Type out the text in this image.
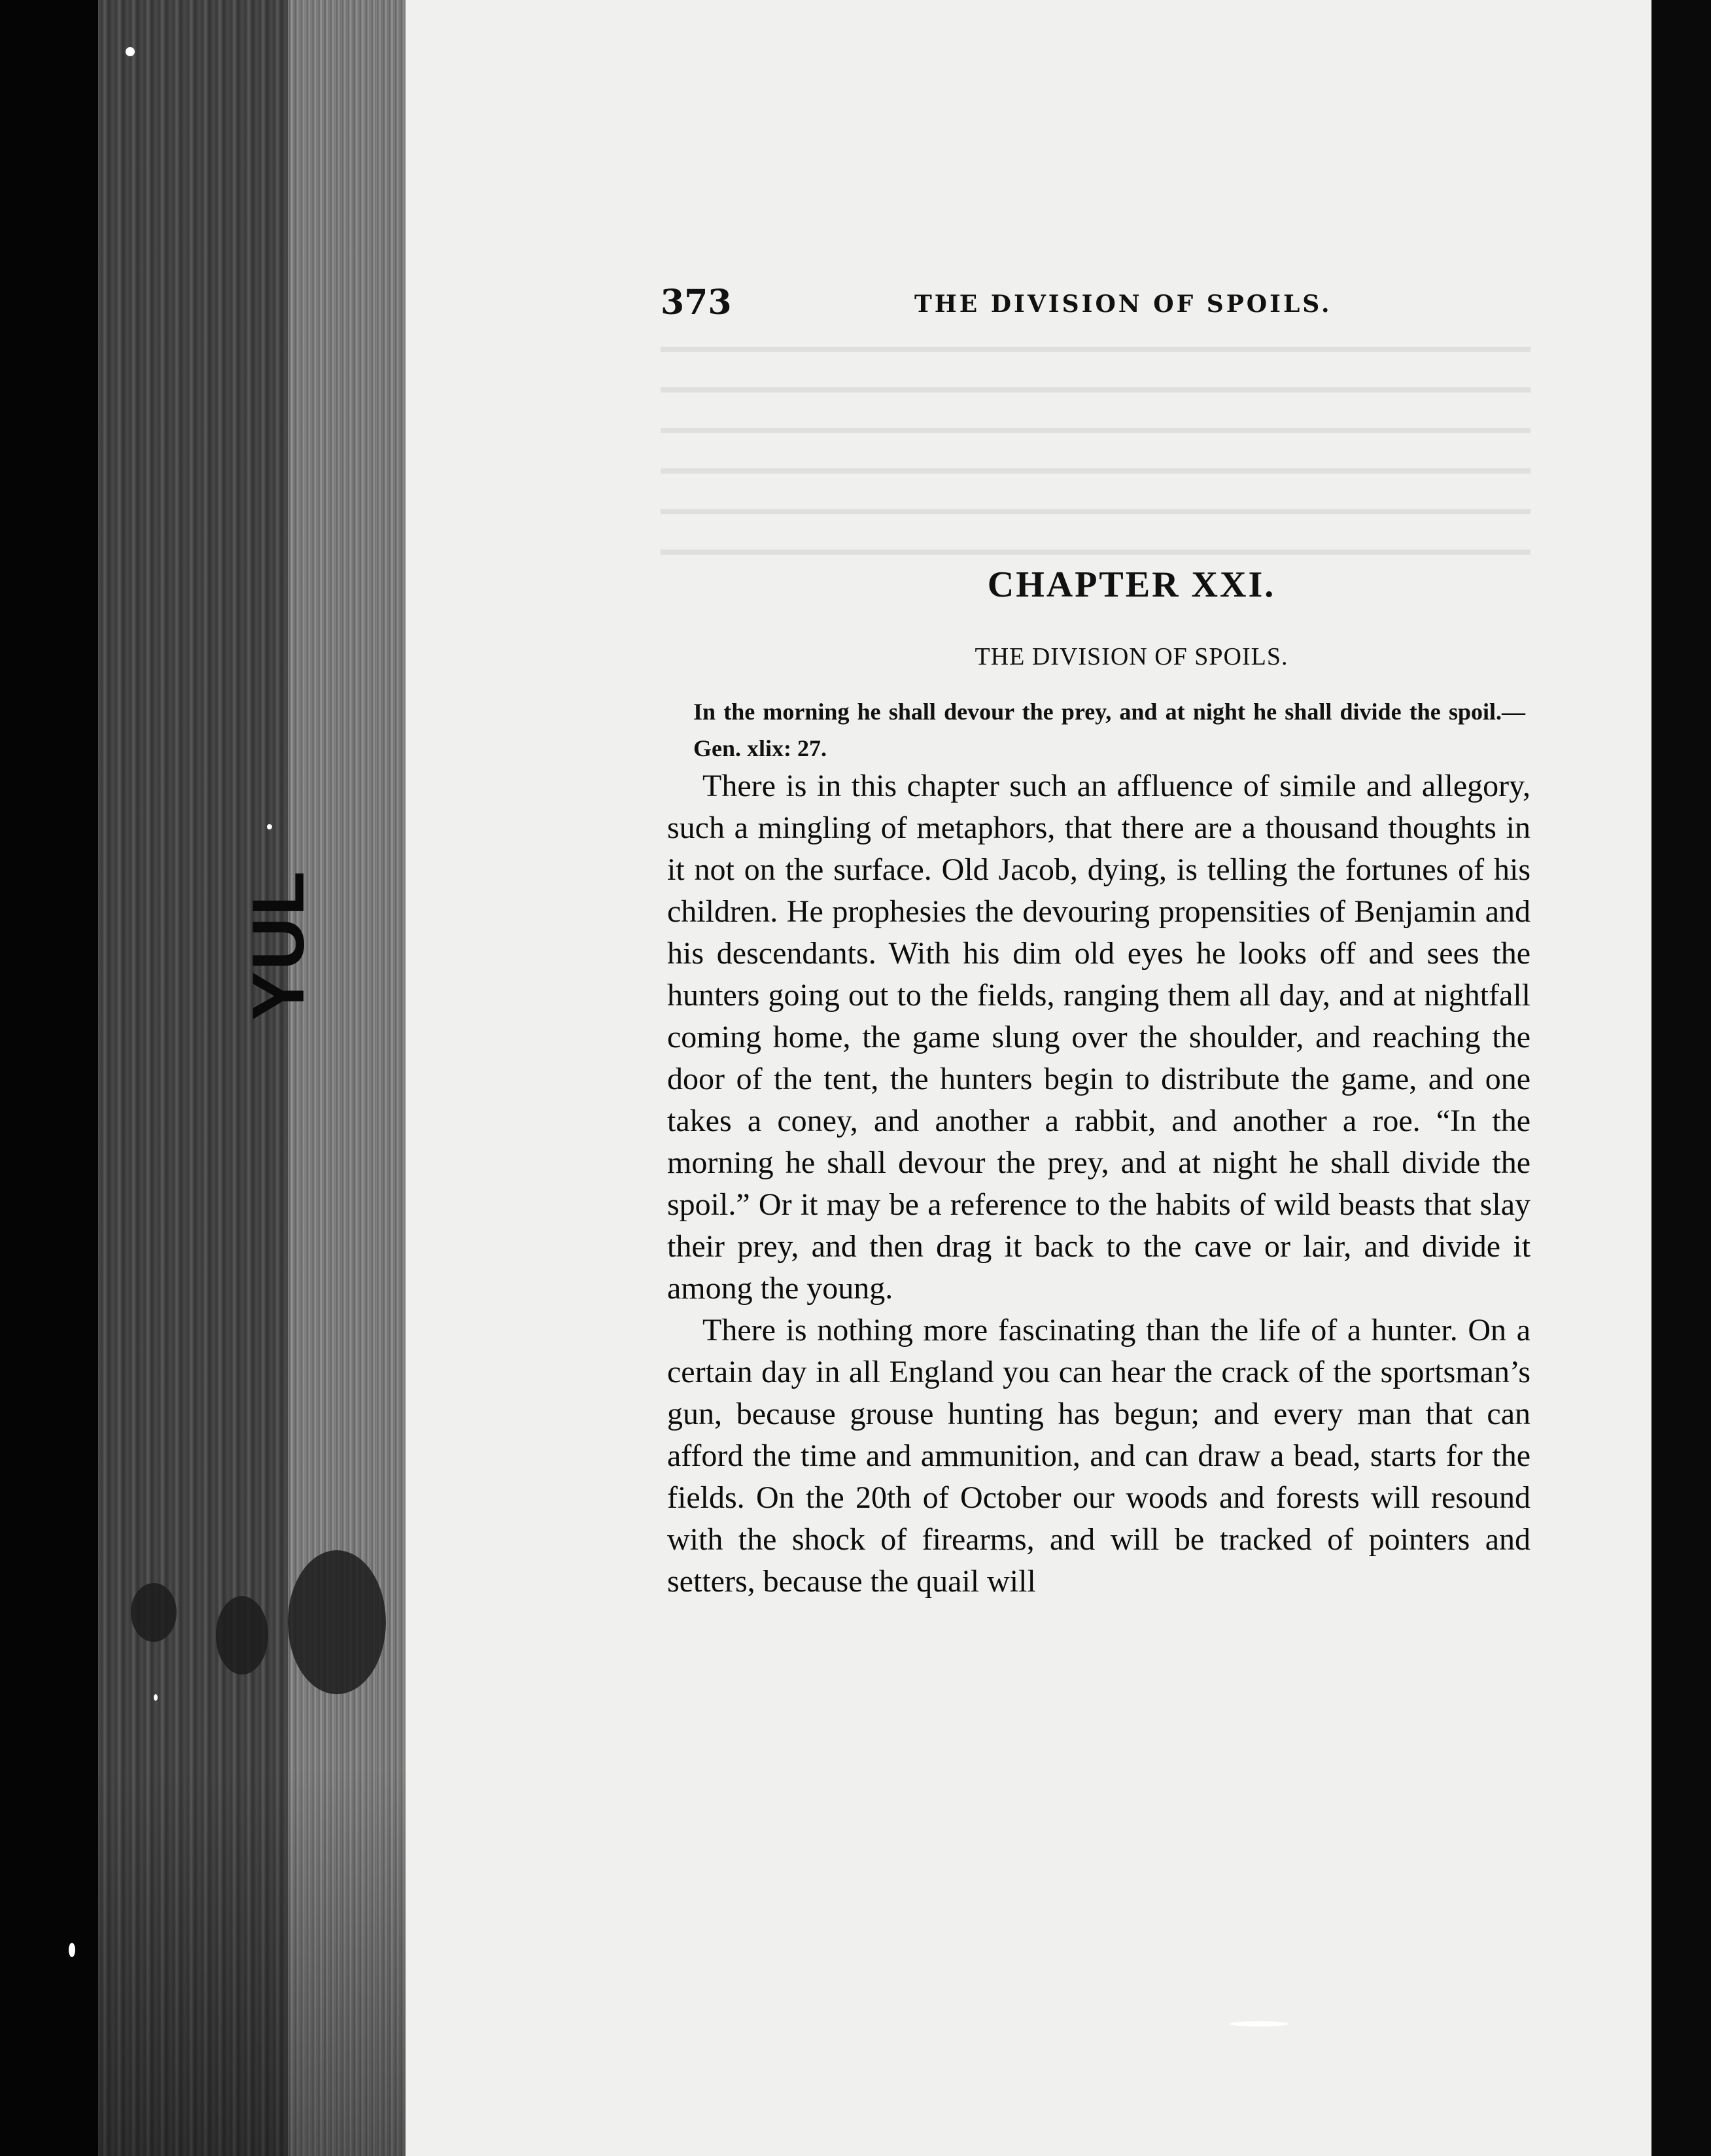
YUL
373	THE DIVISION OF SPOILS.
CHAPTER XXI.
THE DIVISION OF SPOILS.
In the morning he shall devour the prey, and at night he shall divide the spoil.—Gen. xlix: 27.

There is in this chapter such an affluence of simile and allegory, such a mingling of metaphors, that there are a thousand thoughts in it not on the surface. Old Jacob, dying, is telling the fortunes of his children. He prophesies the devouring propensities of Benjamin and his descendants. With his dim old eyes he looks off and sees the hunters going out to the fields, ranging them all day, and at nightfall coming home, the game slung over the shoulder, and reaching the door of the tent, the hunters begin to distribute the game, and one takes a coney, and another a rabbit, and another a roe. “In the morning he shall devour the prey, and at night he shall divide the spoil.” Or it may be a reference to the habits of wild beasts that slay their prey, and then drag it back to the cave or lair, and divide it among the young.

There is nothing more fascinating than the life of a hunter. On a certain day in all England you can hear the crack of the sportsman’s gun, because grouse hunting has begun; and every man that can afford the time and ammunition, and can draw a bead, starts for the fields. On the 20th of October our woods and forests will resound with the shock of firearms, and will be tracked of pointers and setters, because the quail will
